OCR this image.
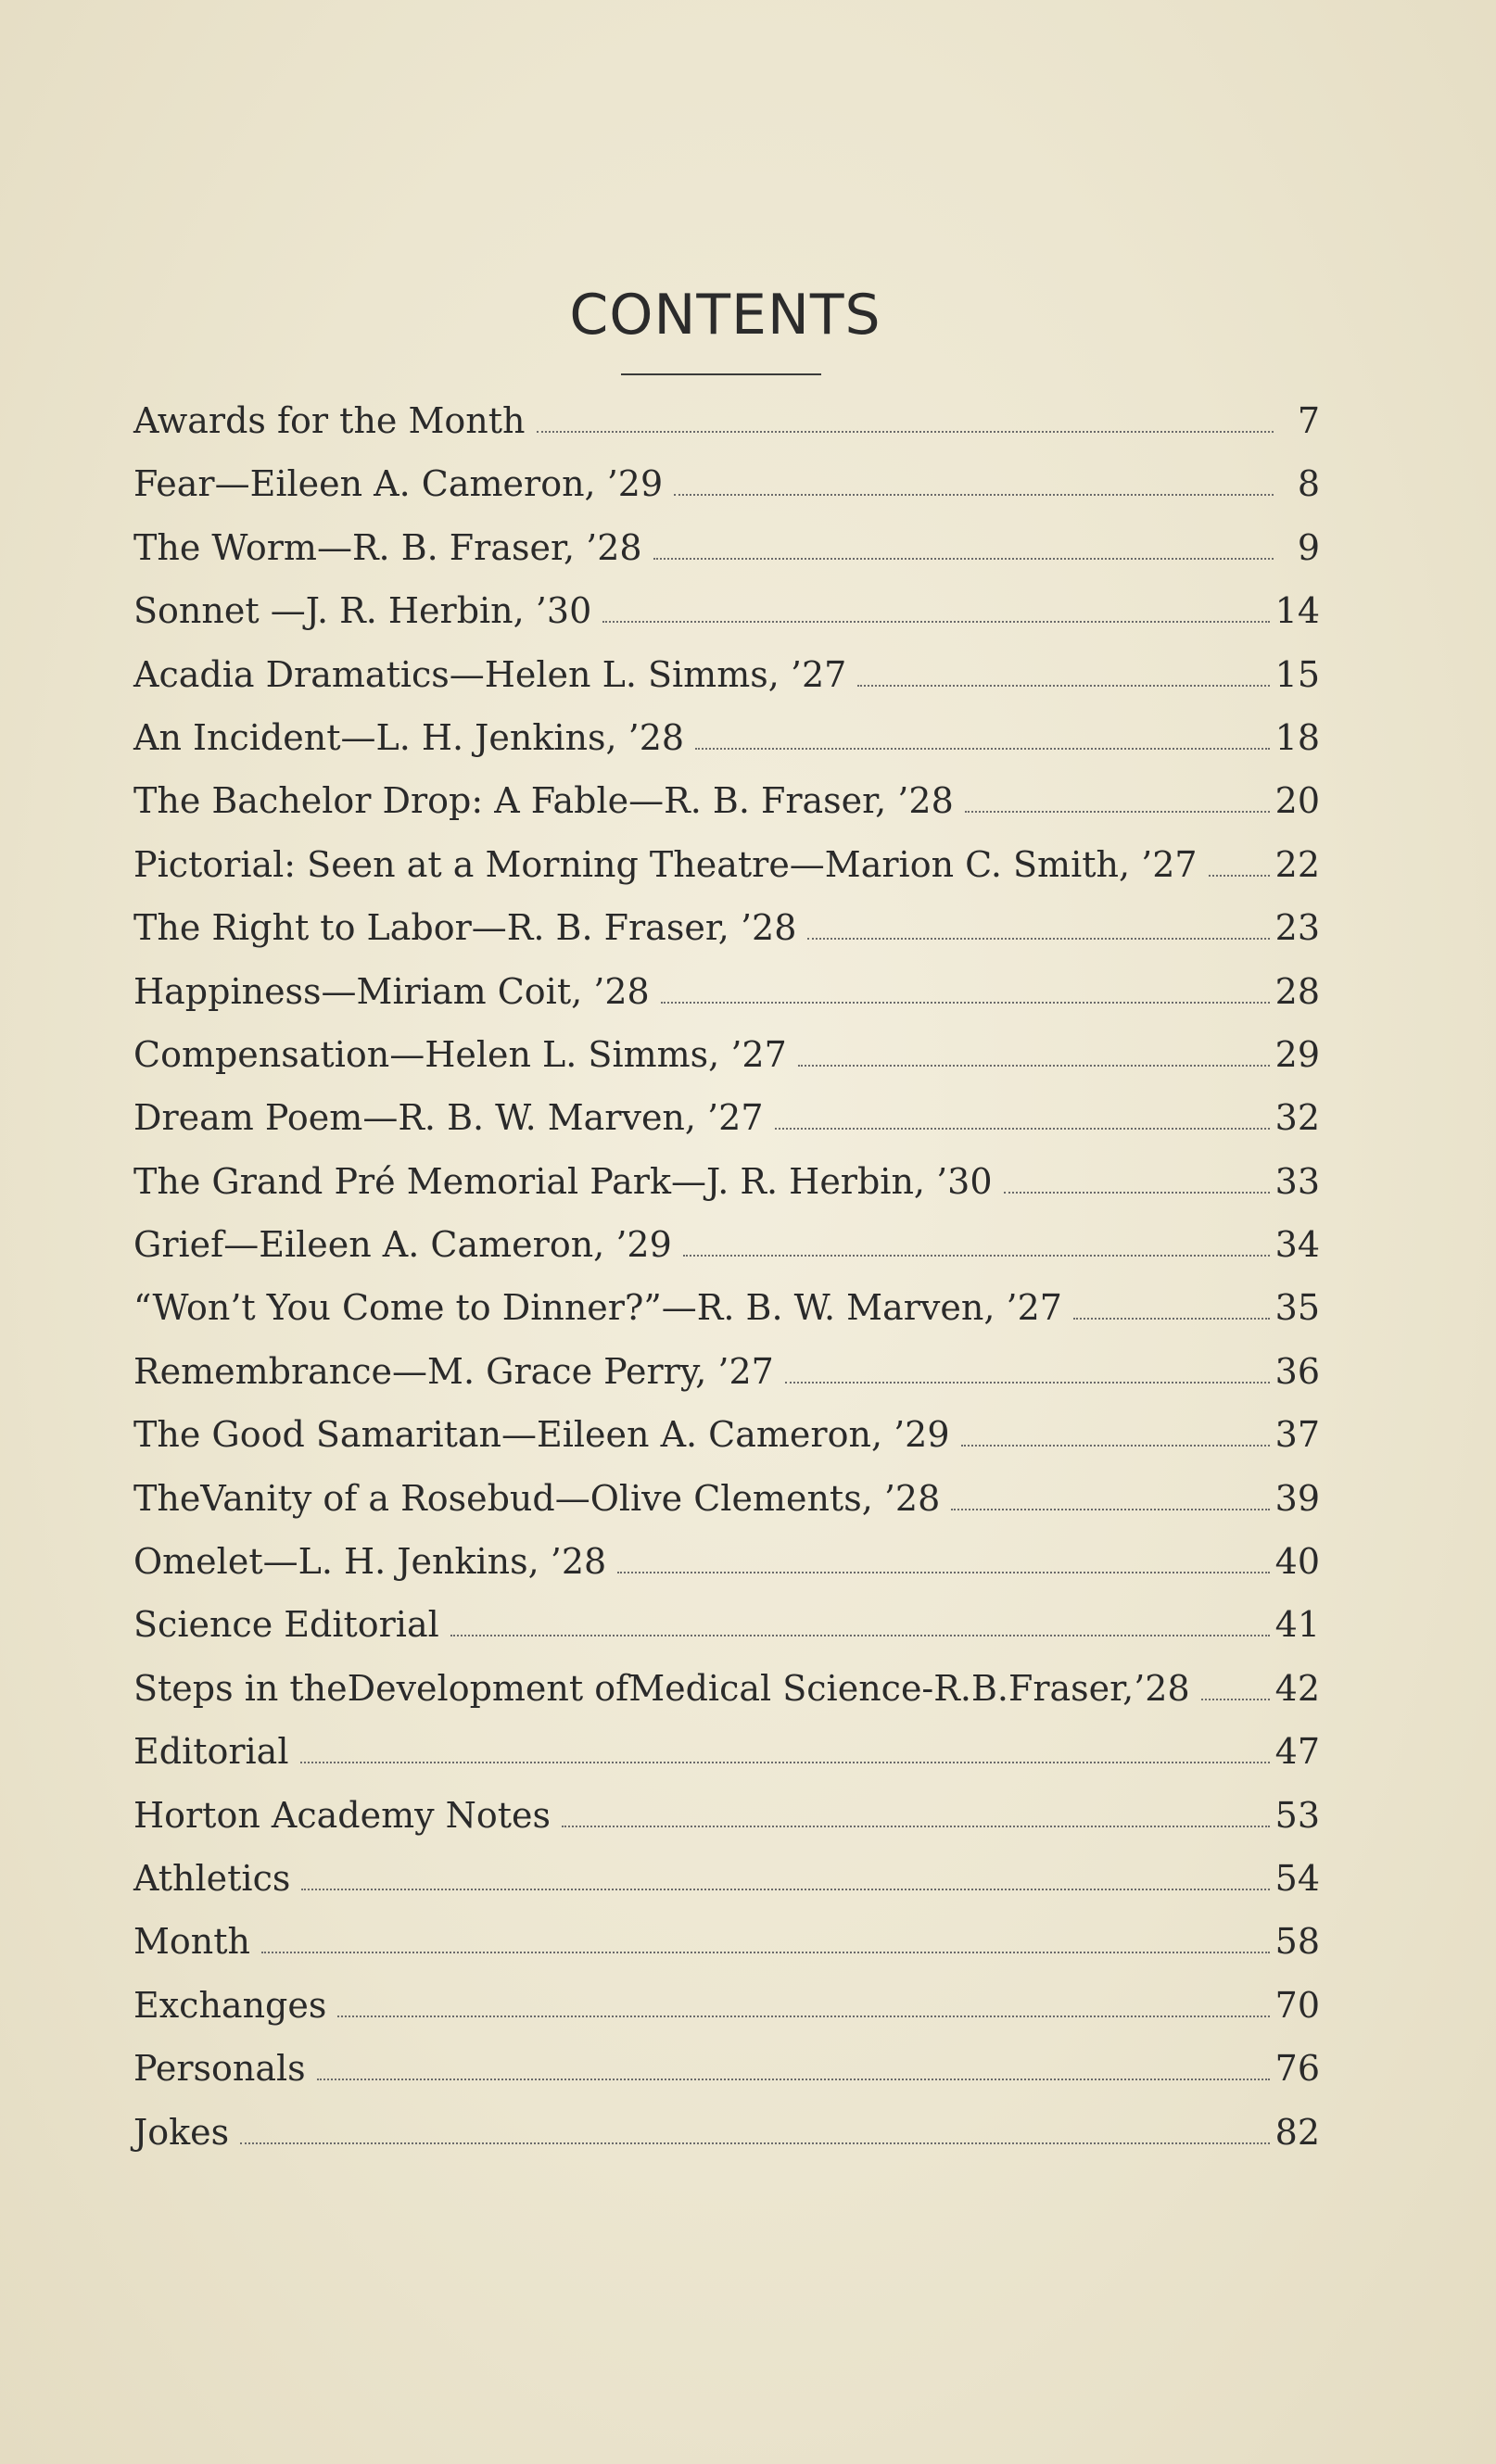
CONTENTS
Awards for the Month	7
Fear—Eileen A. Cameron, ’29	8
The Worm—R. B. Fraser, ’28	9
Sonnet —J. R. Herbin, ’30	14
Acadia Dramatics—Helen L. Simms, ’27	15
An Incident—L. H. Jenkins, ’28	18
The Bachelor Drop: A Fable—R. B. Fraser, ’28	20
Pictorial: Seen at a Morning Theatre—Marion C. Smith, ’27	22
The Right to Labor—R. B. Fraser, ’28	23
Happiness—Miriam Coit, ’28	28
Compensation—Helen L. Simms, ’27	29
Dream Poem—R. B. W. Marven, ’27	32
The Grand Pré Memorial Park—J. R. Herbin, ’30	33
Grief—Eileen A. Cameron, ’29	34
“Won’t You Come to Dinner?”—R. B. W. Marven, ’27	35
Remembrance—M. Grace Perry, ’27	36
The Good Samaritan—Eileen A. Cameron, ’29	37
TheVanity of a Rosebud—Olive Clements, ’28	39
Omelet—L. H. Jenkins, ’28	40
Science Editorial	41
Steps in theDevelopment ofMedical Science-R.B.Fraser,’28	42
Editorial	47
Horton Academy Notes	53
Athletics	54
Month	58
Exchanges	70
Personals	76
Jokes	82
